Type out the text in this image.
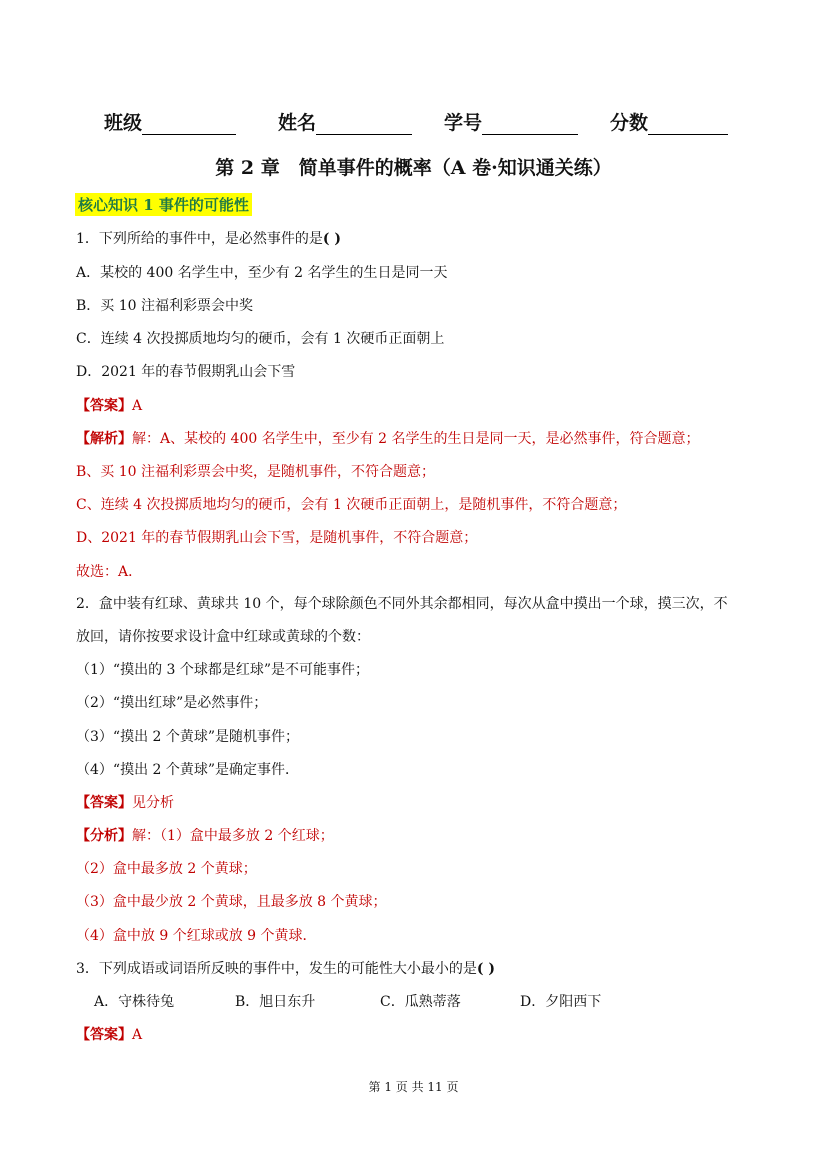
班级	姓名	学号	分数
第 2 章　简单事件的概率（A 卷·知识通关练）
核心知识 1 事件的可能性
1．下列所给的事件中，是必然事件的是( )
A．某校的 400 名学生中，至少有 2 名学生的生日是同一天
B．买 10 注福利彩票会中奖
C．连续 4 次投掷质地均匀的硬币，会有 1 次硬币正面朝上
D．2021 年的春节假期乳山会下雪
【答案】A
【解析】解：A、某校的 400 名学生中，至少有 2 名学生的生日是同一天，是必然事件，符合题意；
B、买 10 注福利彩票会中奖，是随机事件，不符合题意；
C、连续 4 次投掷质地均匀的硬币，会有 1 次硬币正面朝上，是随机事件，不符合题意；
D、2021 年的春节假期乳山会下雪，是随机事件，不符合题意；
故选：A．
2．盒中装有红球、黄球共 10 个，每个球除颜色不同外其余都相同，每次从盒中摸出一个球，摸三次，不
放回，请你按要求设计盒中红球或黄球的个数：
（1）“摸出的 3 个球都是红球”是不可能事件；
（2）“摸出红球”是必然事件；
（3）“摸出 2 个黄球”是随机事件；
（4）“摸出 2 个黄球”是确定事件．
【答案】见分析
【分析】解：（1）盒中最多放 2 个红球；
（2）盒中最多放 2 个黄球；
（3）盒中最少放 2 个黄球，且最多放 8 个黄球；
（4）盒中放 9 个红球或放 9 个黄球．
3．下列成语或词语所反映的事件中，发生的可能性大小最小的是( )
A．守株待兔	B．旭日东升	C．瓜熟蒂落	D．夕阳西下
【答案】A
第 1 页 共 11 页
